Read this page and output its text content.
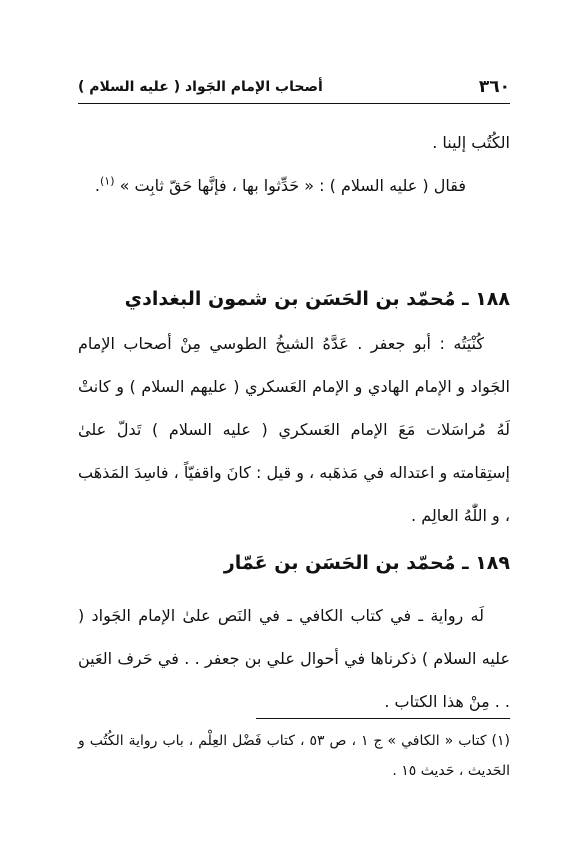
٣٦٠
أصحاب الإمام الجَواد ( عليه السلام )

الكُتُب إلينا .

فقال ( عليه السلام ) : « حَدِّثوا بها ، فإنَّها حَقّ ثابِت » $^{(١)}$.

١٨٨ ـ مُحمّد بن الحَسَن بن شمون البغدادي

كُنْيَتُه : أبو جعفر . عَدَّهُ الشيخُ الطوسي مِنْ أصحاب الإمام الجَواد و الإمام الهادي و الإمام العَسكري ( عليهم السلام ) و كانتْ لَهُ مُراسَلات مَعَ الإمام العَسكري ( عليه السلام ) تَدلّ علىٰ إستِقامته و اعتداله في مَذهَبه ، و قيل : كانَ واقفيّاً ، فاسِدَ المَذهَب ، و اللّٰهُ العالِم .

١٨٩ ـ مُحمّد بن الحَسَن بن عَمّار

لَه رواية ـ في كتاب الكافي ـ في النَص علىٰ الإمام الجَواد ( عليه السلام ) ذكرناها في أحوال علي بن جعفر . . في حَرف العَين . . مِنْ هذا الكتاب .

(١) كتاب « الكافي » ج ١ ، ص ٥٣ ، كتاب فَضْل العِلْم ، باب رواية الكُتُب و الحَديث ، حَديث ١٥ .
